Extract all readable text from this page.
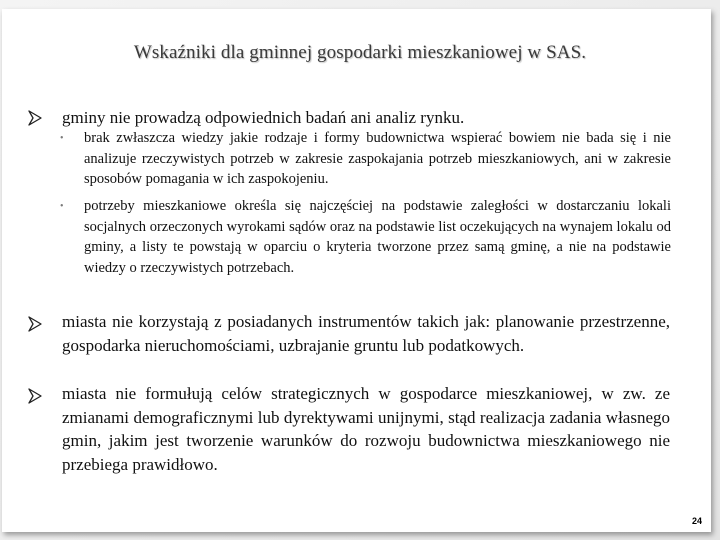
Wskaźniki dla gminnej gospodarki mieszkaniowej w SAS.
gminy nie prowadzą odpowiednich badań ani analiz rynku.
• brak zwłaszcza wiedzy jakie rodzaje i formy budownictwa wspierać bowiem nie bada się i nie analizuje rzeczywistych potrzeb w zakresie zaspokajania potrzeb mieszkaniowych, ani w zakresie sposobów pomagania w ich zaspokojeniu.
• potrzeby mieszkaniowe określa się najczęściej na podstawie zaległości w dostarczaniu lokali socjalnych orzeczonych wyrokami sądów oraz na podstawie list oczekujących na wynajem lokalu od gminy, a listy te powstają w oparciu o kryteria tworzone przez samą gminę, a nie na podstawie wiedzy o rzeczywistych potrzebach.
miasta nie korzystają z posiadanych instrumentów takich jak: planowanie przestrzenne, gospodarka nieruchomościami, uzbrajanie gruntu lub podatkowych.
miasta nie formułują celów strategicznych w gospodarce mieszkaniowej, w zw. ze zmianami demograficznymi lub dyrektywami unijnymi, stąd realizacja zadania własnego gmin, jakim jest tworzenie warunków do rozwoju budownictwa mieszkaniowego nie przebiega prawidłowo.
24
